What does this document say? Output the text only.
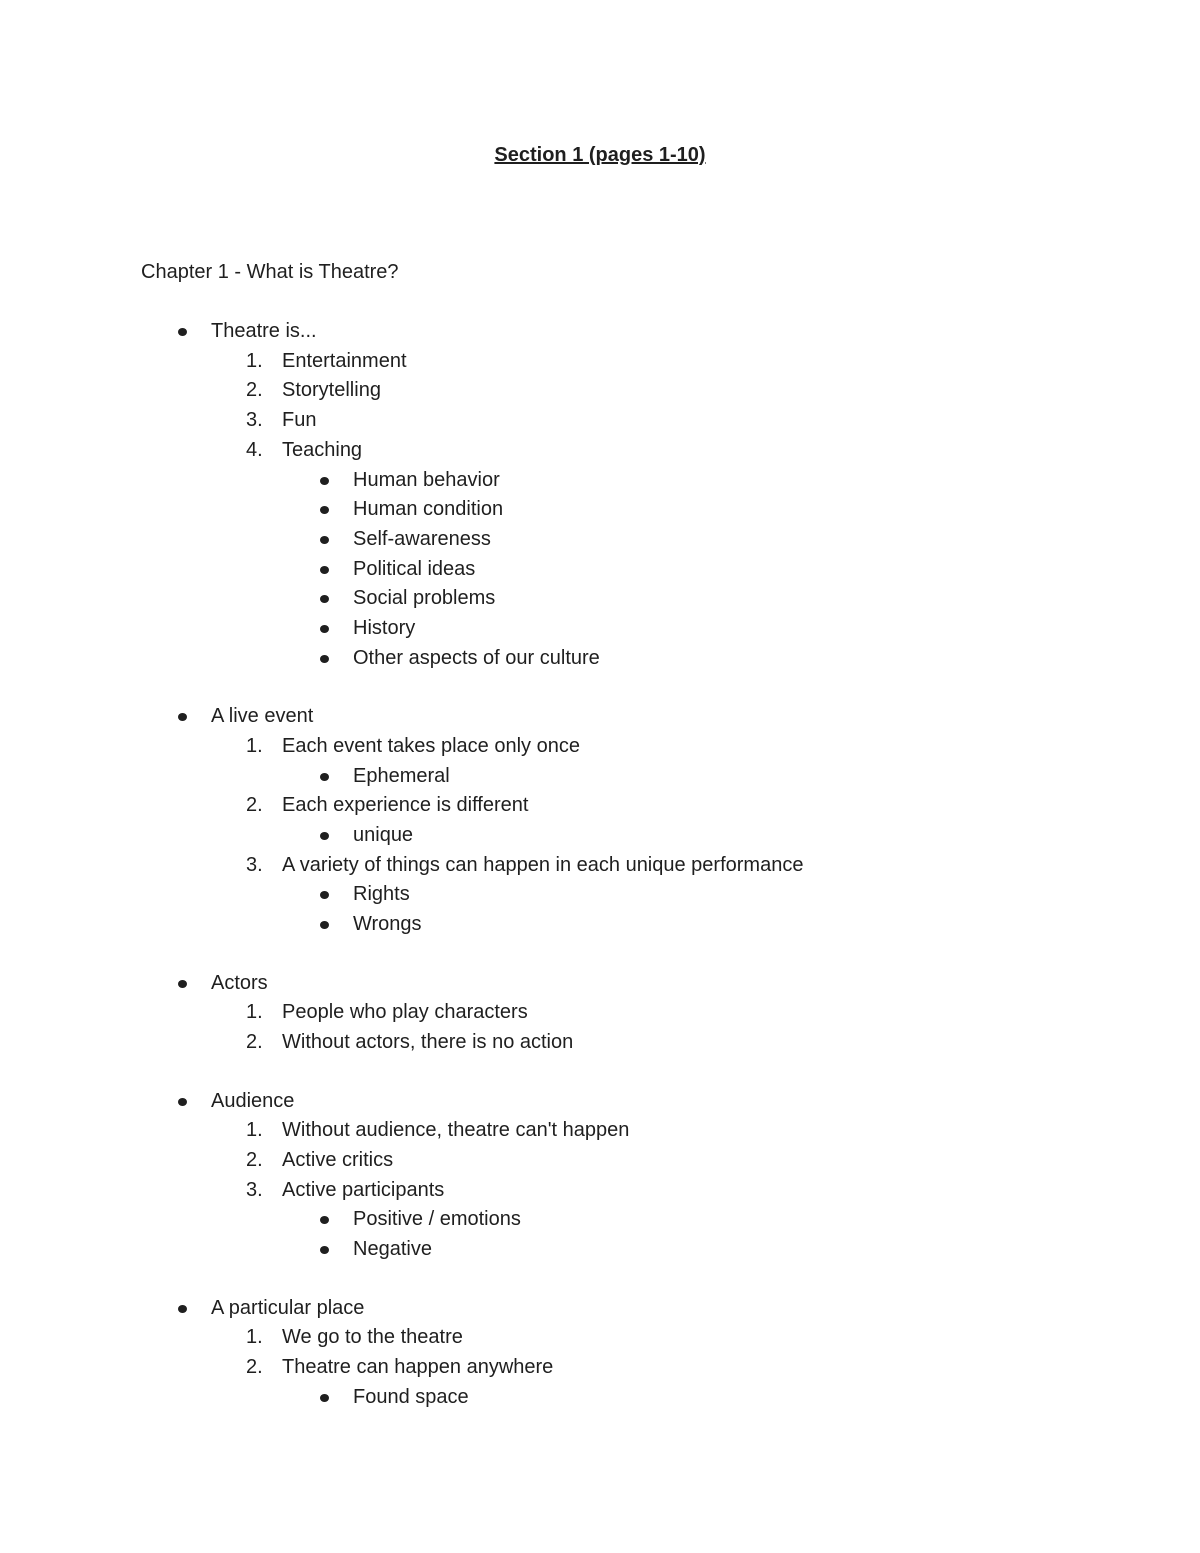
Section 1 (pages 1-10)

Chapter 1 - What is Theatre?

Theatre is...
1. Entertainment
2. Storytelling
3. Fun
4. Teaching
Human behavior
Human condition
Self-awareness
Political ideas
Social problems
History
Other aspects of our culture
A live event
1. Each event takes place only once
Ephemeral
2. Each experience is different
unique
3. A variety of things can happen in each unique performance
Rights
Wrongs
Actors
1. People who play characters
2. Without actors, there is no action
Audience
1. Without audience, theatre can't happen
2. Active critics
3. Active participants
Positive / emotions
Negative
A particular place
1. We go to the theatre
2. Theatre can happen anywhere
Found space
